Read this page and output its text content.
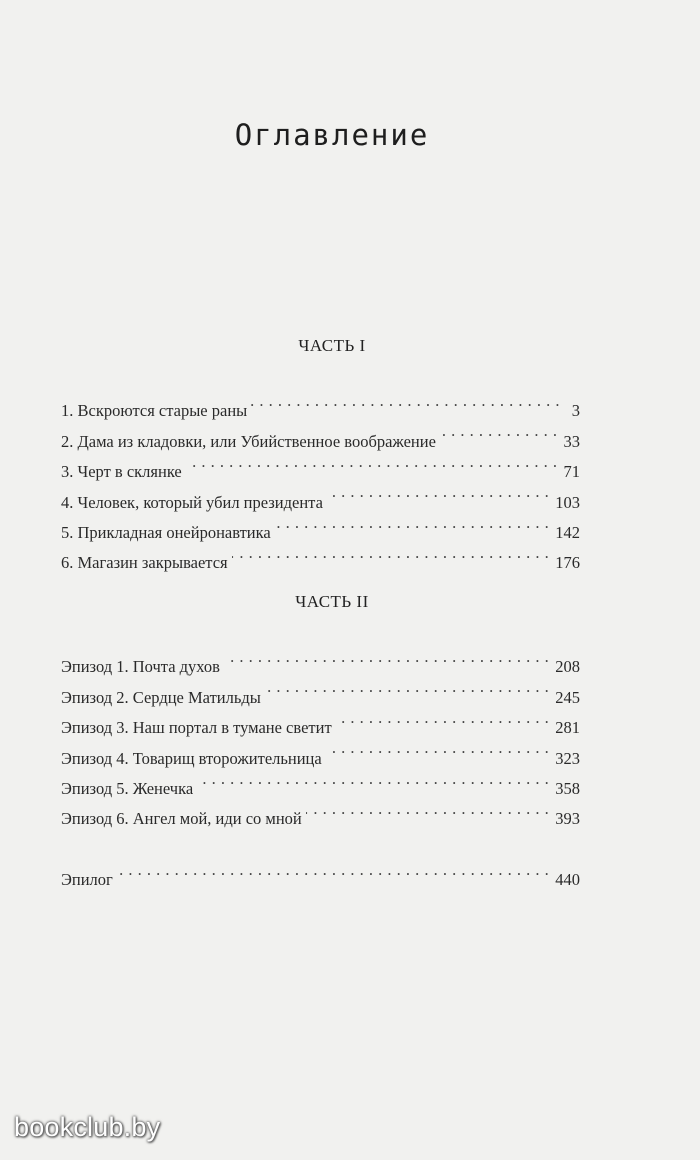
Оглавление
ЧАСТЬ I
1. Вскроются старые раны . . .	3
2. Дама из кладовки, или Убийственное воображение . . .	33
3. Черт в склянке . . .	71
4. Человек, который убил президента . . .	103
5. Прикладная онейронавтика . . .	142
6. Магазин закрывается . . .	176
ЧАСТЬ II
Эпизод 1. Почта духов . . .	208
Эпизод 2. Сердце Матильды . . .	245
Эпизод 3. Наш портал в тумане светит . . .	281
Эпизод 4. Товарищ второжительница . . .	323
Эпизод 5. Женечка . . .	358
Эпизод 6. Ангел мой, иди со мной . . .	393
Эпилог . . .	440
bookclub.by
